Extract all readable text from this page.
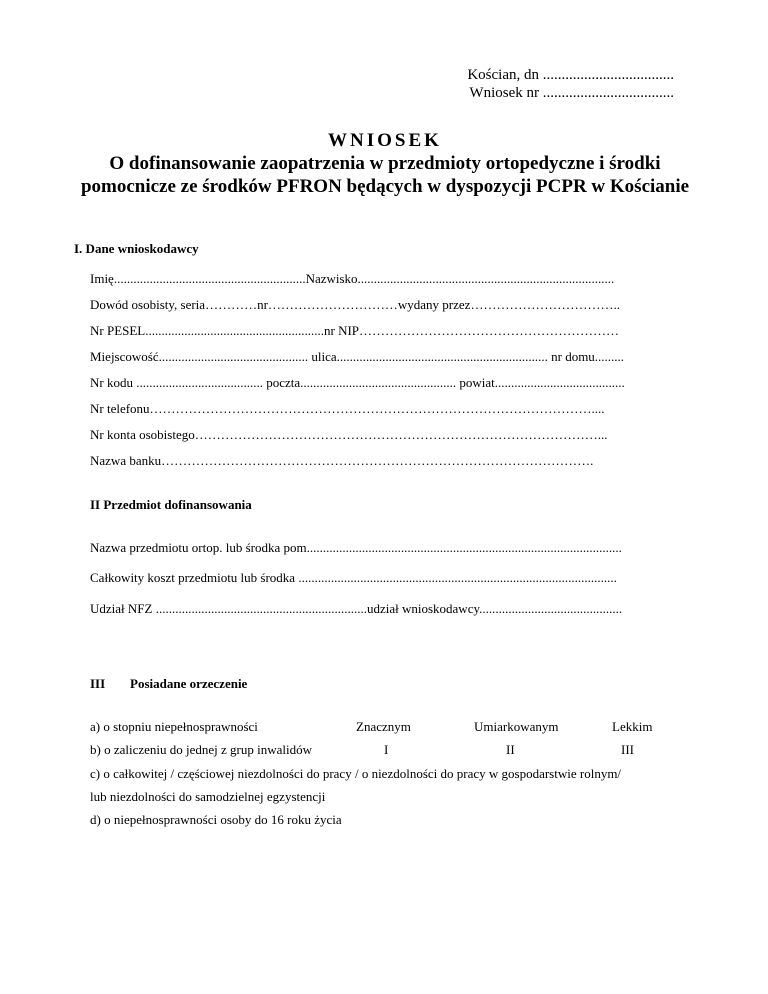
Kościan, dn ...................................
Wniosek nr ...................................
WNIOSEK
O dofinansowanie zaopatrzenia w przedmioty ortopedyczne i środki
pomocnicze ze środków PFRON będących w dyspozycji PCPR w Kościanie
I. Dane wnioskodawcy
Imię...........................................................Nazwisko...............................................................................
Dowód osobisty, seria…………nr…………………………wydany przez……………………………..
Nr PESEL.......................................................nr NIP……………………………………………………
Miejscowość.............................................. ulica................................................................. nr domu.........
Nr kodu ....................................... poczta................................................ powiat........................................
Nr telefonu…………………………………………………………………………………………....
Nr konta osobistego…………………………………………………………………………………...
Nazwa banku……………………………………………………………………………………….
II Przedmiot dofinansowania
Nazwa przedmiotu ortop. lub środka pom.................................................................................................
Całkowity koszt przedmiotu lub środka ..................................................................................................
Udział NFZ .................................................................udział wnioskodawcy............................................
III Posiadane orzeczenie
a) o stopniu niepełnosprawności	Znacznym	Umiarkowanym	Lekkim
b) o zaliczeniu do jednej z grup inwalidów	I	II	III
c) o całkowitej / częściowej niezdolności do pracy / o niezdolności do pracy w gospodarstwie rolnym/
lub niezdolności do samodzielnej egzystencji
d) o niepełnosprawności osoby do 16 roku życia
